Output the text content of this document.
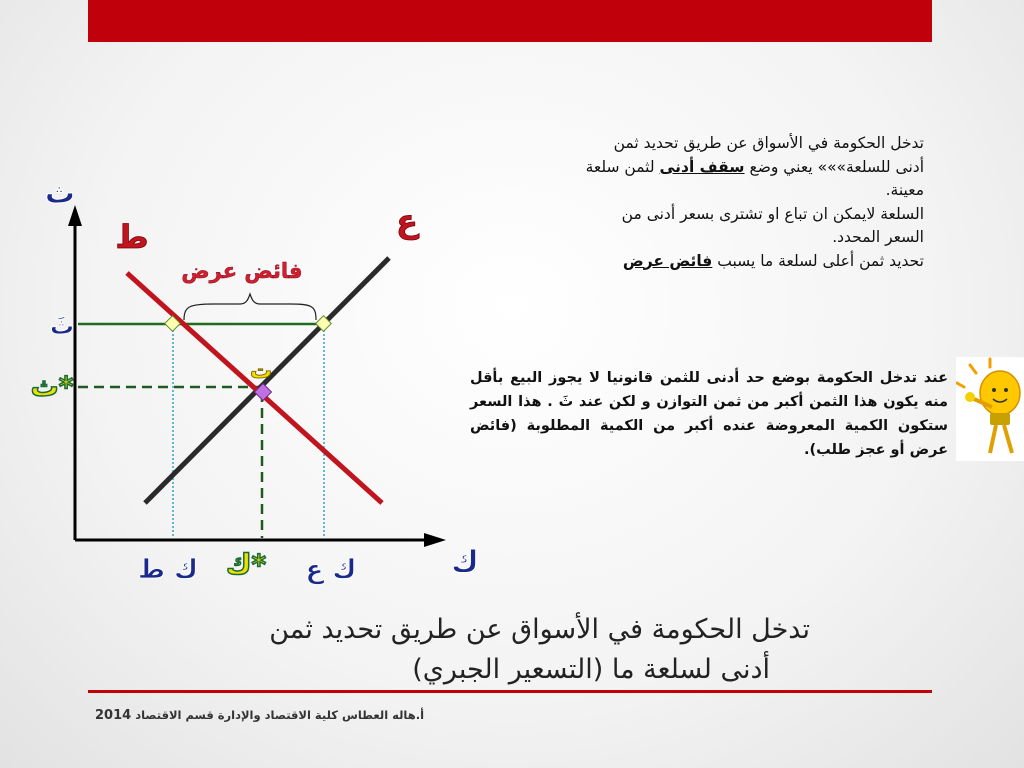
تدخل الحكومة في الأسواق عن طريق تحديد ثمن
أدنى للسلعة»»» يعني وضع سقف أدنى لثمن سلعة
معينة.
السلعة لايمكن ان تباع او تشترى بسعر أدنى من
السعر المحدد.
تحديد ثمن أعلى لسلعة ما يسبب فائض عرض
عند تدخل الحكومة بوضع حد أدنى للثمن قانونيا لا يجوز البيع بأقل منه يكون هذا الثمن أكبر من ثمن التوازن و لكن عند ثَ . هذا السعر ستكون الكمية المعروضة عنده أكبر من الكمية المطلوبة (فائض عرض أو عجز طلب).
ث
ك
ط	ع
فائض عرض
ثَ
ث*	ت
ك ط ك* ك ع
تدخل الحكومة في الأسواق عن طريق تحديد ثمن
أدنى لسلعة ما (التسعير الجبري)
أ.هاله العطاس كلية الاقتصاد والإدارة قسم الاقتصاد 2014
